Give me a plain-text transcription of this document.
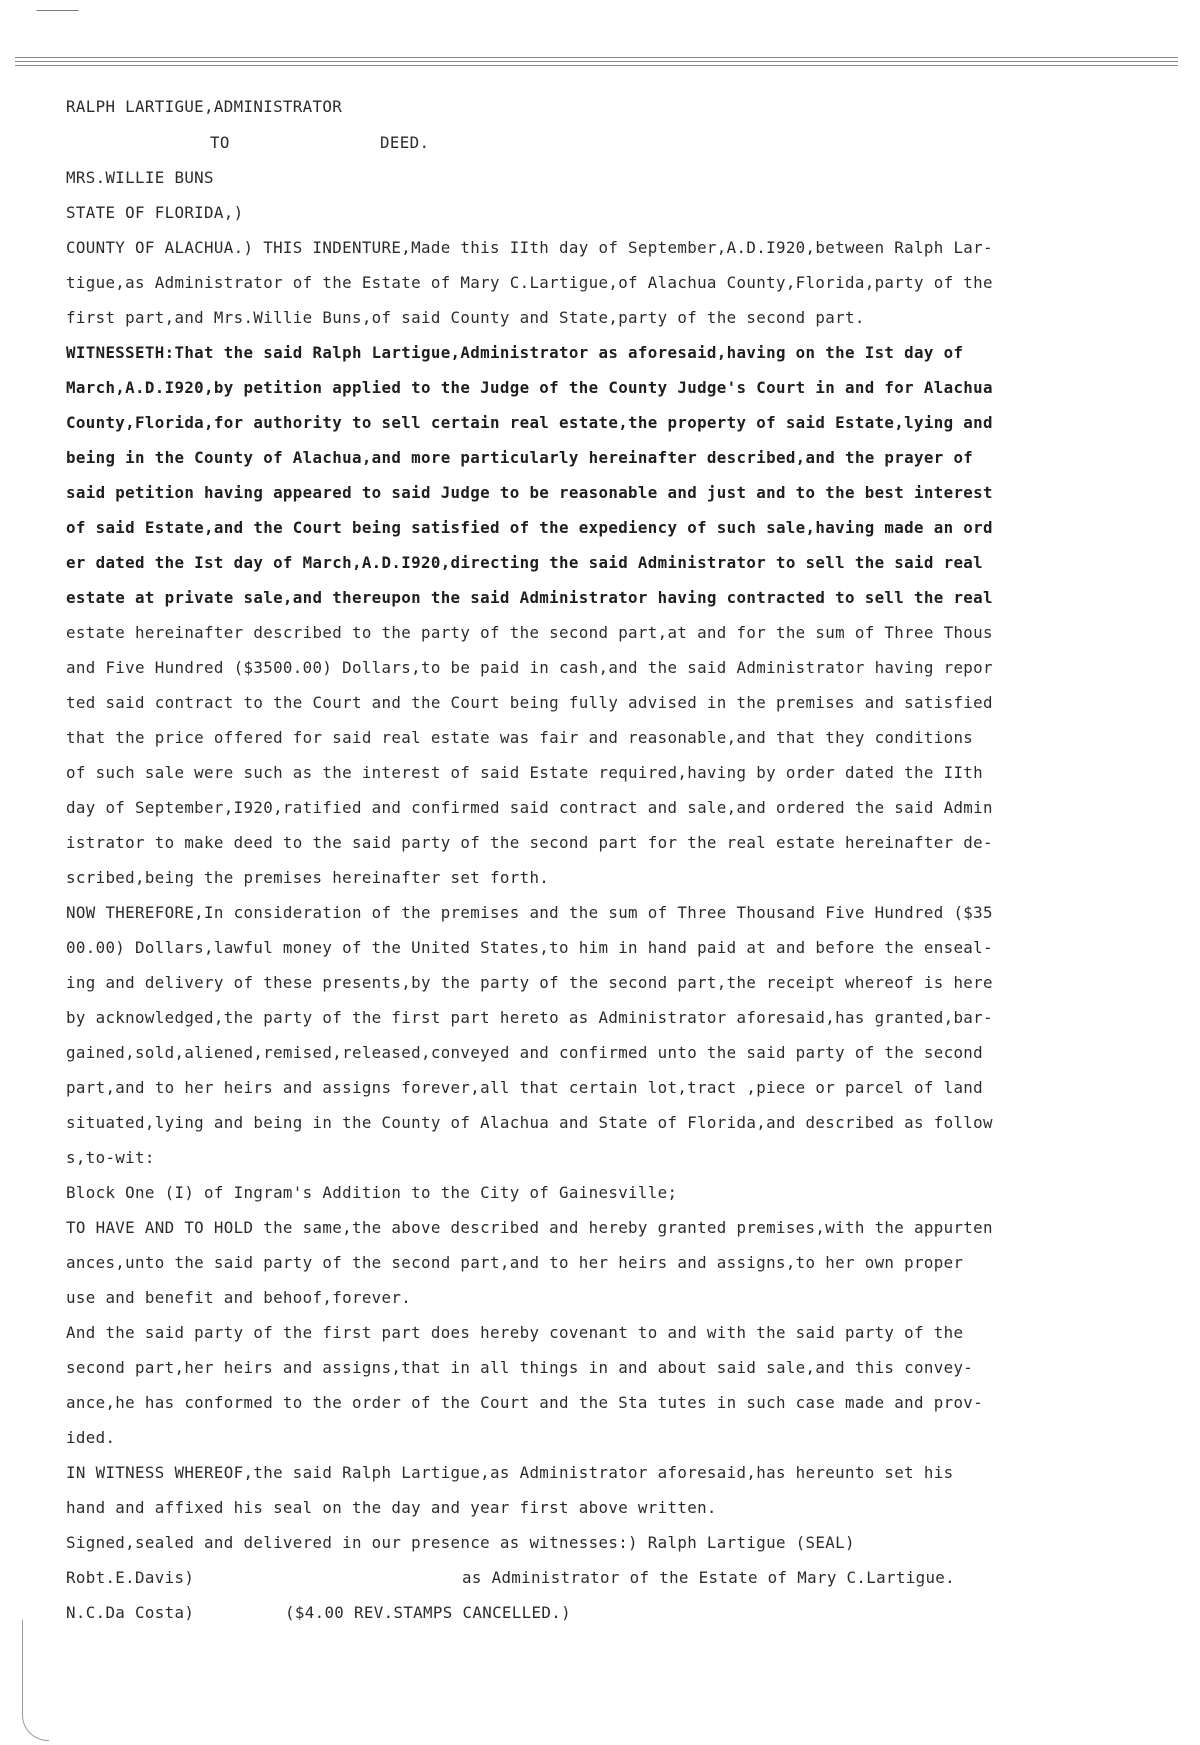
RALPH LARTIGUE,ADMINISTRATOR
TO	DEED.
MRS.WILLIE BUNS
STATE OF FLORIDA,)
COUNTY OF ALACHUA.) THIS INDENTURE,Made this IIth day of September,A.D.I920,between Ralph Lar-
tigue,as Administrator of the Estate of Mary C.Lartigue,of Alachua County,Florida,party of the
first part,and Mrs.Willie Buns,of said County and State,party of the second part.
WITNESSETH:That the said Ralph Lartigue,Administrator as aforesaid,having on the Ist day of
March,A.D.I920,by petition applied to the Judge of the County Judge's Court in and for Alachua
County,Florida,for authority to sell certain real estate,the property of said Estate,lying and
being in the County of Alachua,and more particularly hereinafter described,and the prayer of
said petition having appeared to said Judge to be reasonable and just and to the best interest
of said Estate,and the Court being satisfied of the expediency of such sale,having made an ord
er dated the Ist day of March,A.D.I920,directing the said Administrator to sell the said real
estate at private sale,and thereupon the said Administrator having contracted to sell the real
estate hereinafter described to the party of the second part,at and for the sum of Three Thous
and Five Hundred ($3500.00) Dollars,to be paid in cash,and the said Administrator having repor
ted said contract to the Court and the Court being fully advised in the premises and satisfied
that the price offered for said real estate was fair and reasonable,and that they conditions
of such sale were such as the interest of said Estate required,having by order dated the IIth
day of September,I920,ratified and confirmed said contract and sale,and ordered the said Admin
istrator to make deed to the said party of the second part for the real estate hereinafter de-
scribed,being the premises hereinafter set forth.
NOW THEREFORE,In consideration of the premises and the sum of Three Thousand Five Hundred ($35
00.00) Dollars,lawful money of the United States,to him in hand paid at and before the enseal-
ing and delivery of these presents,by the party of the second part,the receipt whereof is here
by acknowledged,the party of the first part hereto as Administrator aforesaid,has granted,bar-
gained,sold,aliened,remised,released,conveyed and confirmed unto the said party of the second
part,and to her heirs and assigns forever,all that certain lot,tract ,piece or parcel of land
situated,lying and being in the County of Alachua and State of Florida,and described as follow
s,to-wit:
Block One (I) of Ingram's Addition to the City of Gainesville;
TO HAVE AND TO HOLD the same,the above described and hereby granted premises,with the appurten
ances,unto the said party of the second part,and to her heirs and assigns,to her own proper
use and benefit and behoof,forever.
And the said party of the first part does hereby covenant to and with the said party of the
second part,her heirs and assigns,that in all things in and about said sale,and this convey-
ance,he has conformed to the order of the Court and the Sta tutes in such case made and prov-
ided.
IN WITNESS WHEREOF,the said Ralph Lartigue,as Administrator aforesaid,has hereunto set his
hand and affixed his seal on the day and year first above written.
Signed,sealed and delivered in our presence as witnesses:) Ralph Lartigue (SEAL)
Robt.E.Davis)	as Administrator of the Estate of Mary C.Lartigue.
N.C.Da Costa)	($4.00 REV.STAMPS CANCELLED.)
